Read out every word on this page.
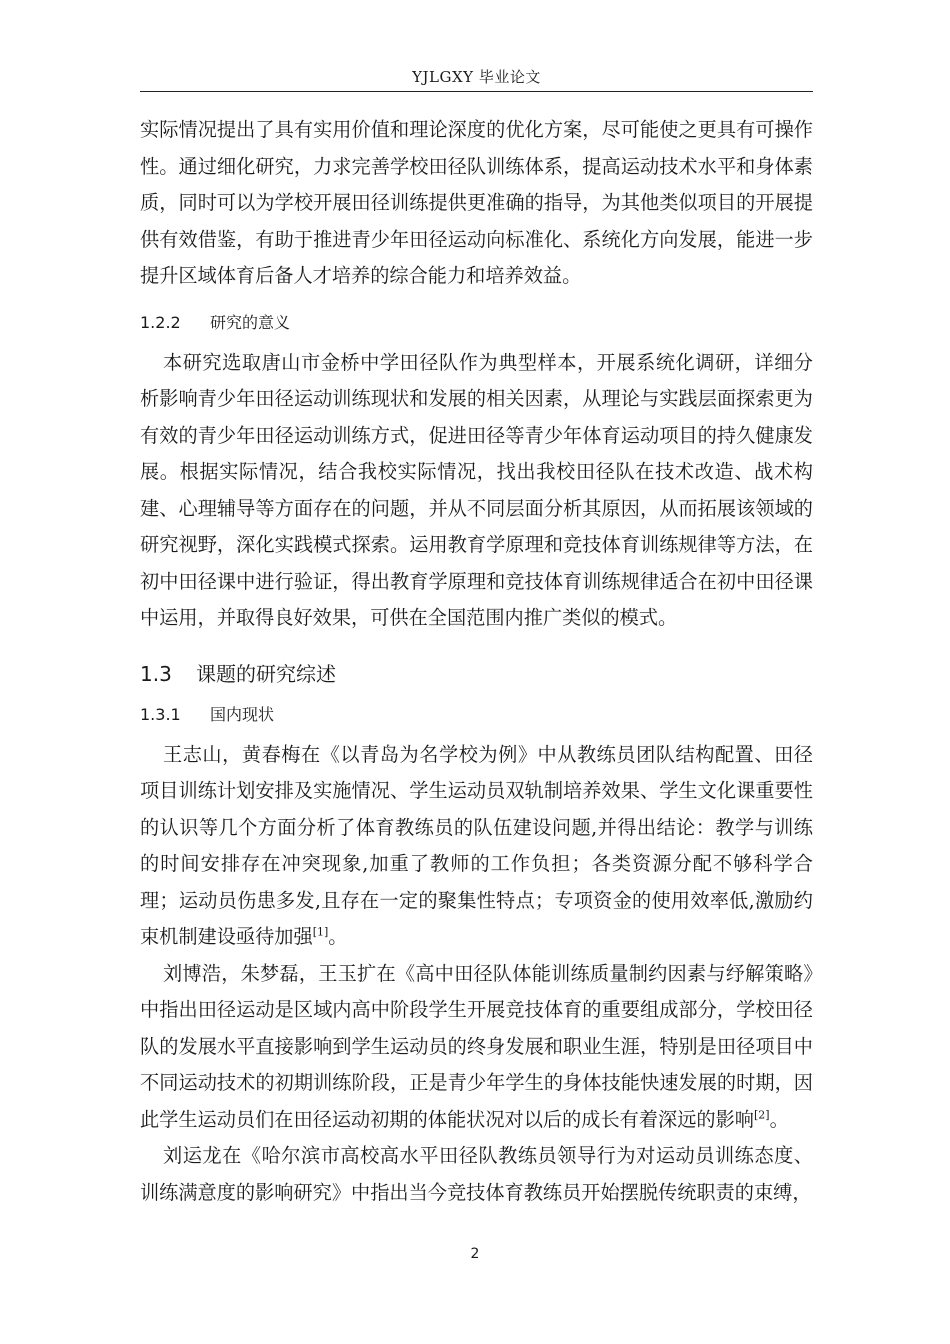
YJLGXY 毕业论文

实际情况提出了具有实用价值和理论深度的优化方案，尽可能使之更具有可操作性。通过细化研究，力求完善学校田径队训练体系，提高运动技术水平和身体素质，同时可以为学校开展田径训练提供更准确的指导，为其他类似项目的开展提供有效借鉴，有助于推进青少年田径运动向标准化、系统化方向发展，能进一步提升区域体育后备人才培养的综合能力和培养效益。

1.2.2 研究的意义

本研究选取唐山市金桥中学田径队作为典型样本，开展系统化调研，详细分析影响青少年田径运动训练现状和发展的相关因素，从理论与实践层面探索更为有效的青少年田径运动训练方式，促进田径等青少年体育运动项目的持久健康发展。根据实际情况，结合我校实际情况，找出我校田径队在技术改造、战术构建、心理辅导等方面存在的问题，并从不同层面分析其原因，从而拓展该领域的研究视野，深化实践模式探索。运用教育学原理和竞技体育训练规律等方法，在初中田径课中进行验证，得出教育学原理和竞技体育训练规律适合在初中田径课中运用，并取得良好效果，可供在全国范围内推广类似的模式。

1.3 课题的研究综述
1.3.1 国内现状

王志山，黄春梅在《以青岛为名学校为例》中从教练员团队结构配置、田径项目训练计划安排及实施情况、学生运动员双轨制培养效果、学生文化课重要性的认识等几个方面分析了体育教练员的队伍建设问题,并得出结论：教学与训练的时间安排存在冲突现象,加重了教师的工作负担；各类资源分配不够科学合理；运动员伤患多发,且存在一定的聚集性特点；专项资金的使用效率低,激励约束机制建设亟待加强[1]。

刘博浩，朱梦磊，王玉扩在《高中田径队体能训练质量制约因素与纾解策略》中指出田径运动是区域内高中阶段学生开展竞技体育的重要组成部分，学校田径队的发展水平直接影响到学生运动员的终身发展和职业生涯，特别是田径项目中不同运动技术的初期训练阶段，正是青少年学生的身体技能快速发展的时期，因此学生运动员们在田径运动初期的体能状况对以后的成长有着深远的影响[2]。

刘运龙在《哈尔滨市高校高水平田径队教练员领导行为对运动员训练态度、训练满意度的影响研究》中指出当今竞技体育教练员开始摆脱传统职责的束缚，

2
